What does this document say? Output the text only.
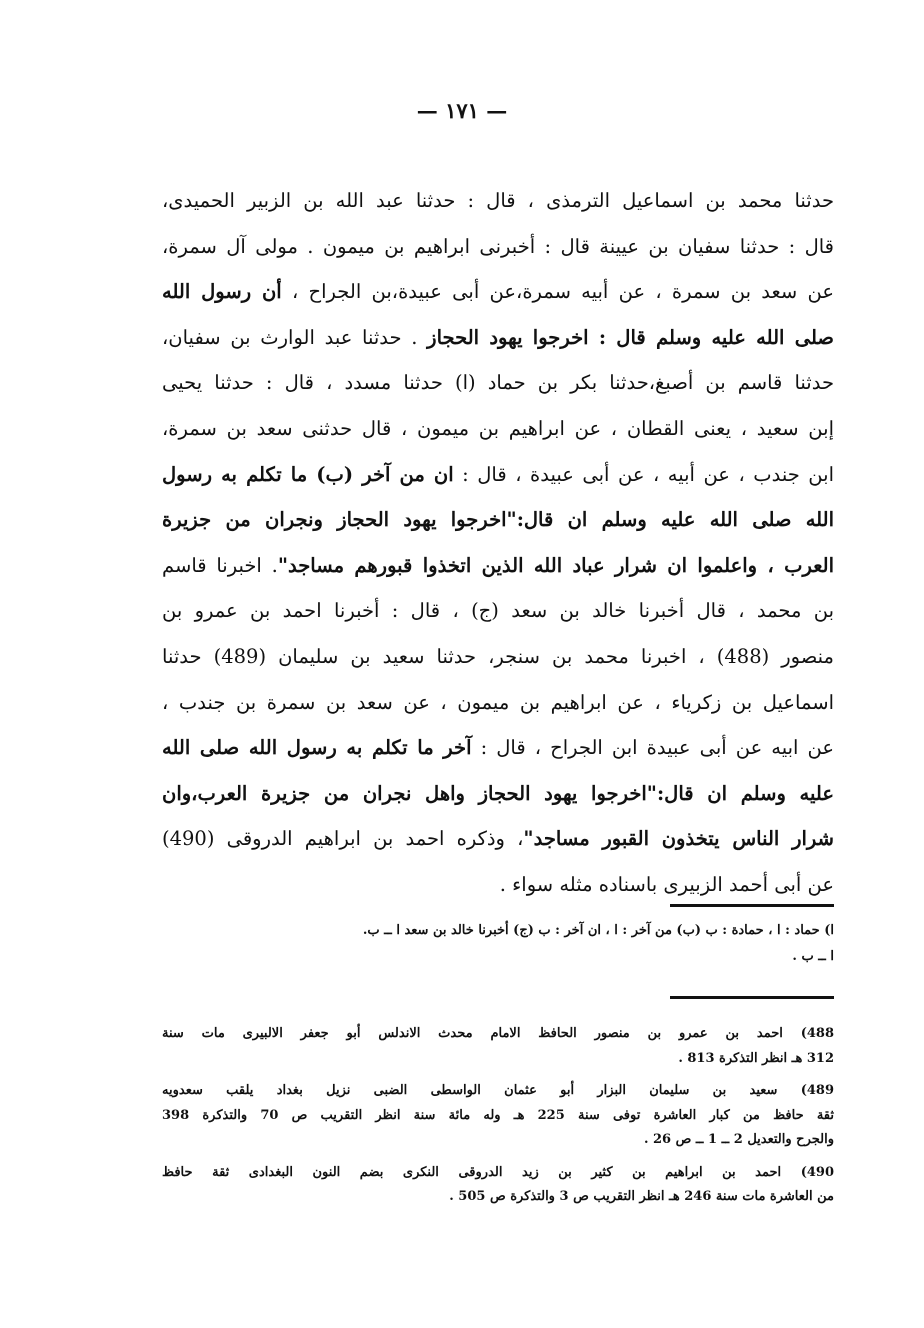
— ١٧١ —
حدثنا محمد بن اسماعيل الترمذى ، قال : حدثنا عبد الله بن الزبير الحميدى،
قال : حدثنا سفيان بن عيينة قال : أخبرنى ابراهيم بن ميمون . مولى آل سمرة،
عن سعد بن سمرة ، عن أبيه سمرة،عن أبى عبيدة،بن الجراح ، أن رسول الله
صلى الله عليه وسلم قال : اخرجوا يهود الحجاز . حدثنا عبد الوارث بن سفيان،
حدثنا قاسم بن أصبغ،حدثنا بكر بن حماد (ا) حدثنا مسدد ، قال : حدثنا يحيى
إبن سعيد ، يعنى القطان ، عن ابراهيم بن ميمون ، قال حدثنى سعد بن سمرة،
ابن جندب ، عن أبيه ، عن أبى عبيدة ، قال : ان من آخر (ب) ما تكلم به رسول
الله صلى الله عليه وسلم ان قال:"اخرجوا يهود الحجاز ونجران من جزيرة
العرب ، واعلموا ان شرار عباد الله الذين اتخذوا قبورهم مساجد". اخبرنا قاسم
بن محمد ، قال أخبرنا خالد بن سعد (ج) ، قال : أخبرنا احمد بن عمرو بن
منصور (488) ، اخبرنا محمد بن سنجر، حدثنا سعيد بن سليمان (489) حدثنا
اسماعيل بن زكرياء ، عن ابراهيم بن ميمون ، عن سعد بن سمرة بن جندب ،
عن ابيه عن أبى عبيدة ابن الجراح ، قال : آخر ما تكلم به رسول الله صلى الله
عليه وسلم ان قال:"اخرجوا يهود الحجاز واهل نجران من جزيرة العرب،وان
شرار الناس يتخذون القبور مساجد"، وذكره احمد بن ابراهيم الدروقى (490)
عن أبى أحمد الزبيرى باسناده مثله سواء .
ا) حماد : ا ، حمادة : ب (ب) من آخر : ا ، ان آخر : ب (ج) أخبرنا خالد بن سعد ا ــ ب.
ا ــ ب .
488) احمد بن عمرو بن منصور الحافظ الامام محدث الاندلس أبو جعفر الالبيرى مات سنة
312 هـ انظر التذكرة 813 .
489) سعيد بن سليمان البزار أبو عثمان الواسطى الضبى نزيل بغداد يلقب سعدويه
ثقة حافظ من كبار العاشرة توفى سنة 225 هـ وله مائة سنة انظر التقريب ص 70 والتذكرة 398
والجرح والتعديل 2 ــ 1 ــ ص 26 .
490) احمد بن ابراهيم بن كثير بن زيد الدروقى النكرى بضم النون البغدادى ثقة حافظ
من العاشرة مات سنة 246 هـ انظر التقريب ص 3 والتذكرة ص 505 .
